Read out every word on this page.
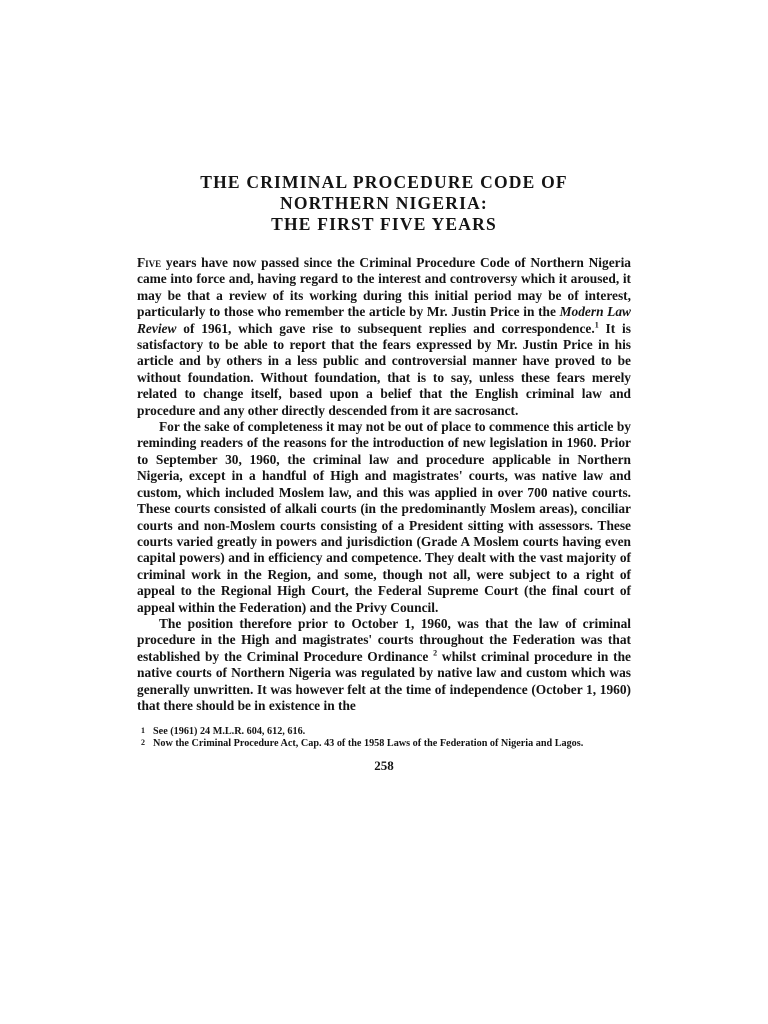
THE CRIMINAL PROCEDURE CODE OF
NORTHERN NIGERIA:
THE FIRST FIVE YEARS

Five years have now passed since the Criminal Procedure Code of Northern Nigeria came into force and, having regard to the interest and controversy which it aroused, it may be that a review of its working during this initial period may be of interest, particularly to those who remember the article by Mr. Justin Price in the Modern Law Review of 1961, which gave rise to subsequent replies and correspondence.$^1$ It is satisfactory to be able to report that the fears expressed by Mr. Justin Price in his article and by others in a less public and controversial manner have proved to be without foundation. Without foundation, that is to say, unless these fears merely related to change itself, based upon a belief that the English criminal law and procedure and any other directly descended from it are sacrosanct.

For the sake of completeness it may not be out of place to commence this article by reminding readers of the reasons for the introduction of new legislation in 1960. Prior to September 30, 1960, the criminal law and procedure applicable in Northern Nigeria, except in a handful of High and magistrates' courts, was native law and custom, which included Moslem law, and this was applied in over 700 native courts. These courts consisted of alkali courts (in the predominantly Moslem areas), conciliar courts and non-Moslem courts consisting of a President sitting with assessors. These courts varied greatly in powers and jurisdiction (Grade A Moslem courts having even capital powers) and in efficiency and competence. They dealt with the vast majority of criminal work in the Region, and some, though not all, were subject to a right of appeal to the Regional High Court, the Federal Supreme Court (the final court of appeal within the Federation) and the Privy Council.

The position therefore prior to October 1, 1960, was that the law of criminal procedure in the High and magistrates' courts throughout the Federation was that established by the Criminal Procedure Ordinance $^2$ whilst criminal procedure in the native courts of Northern Nigeria was regulated by native law and custom which was generally unwritten. It was however felt at the time of independence (October 1, 1960) that there should be in existence in the

1 See (1961) 24 M.L.R. 604, 612, 616.
2 Now the Criminal Procedure Act, Cap. 43 of the 1958 Laws of the Federation of Nigeria and Lagos.
258
